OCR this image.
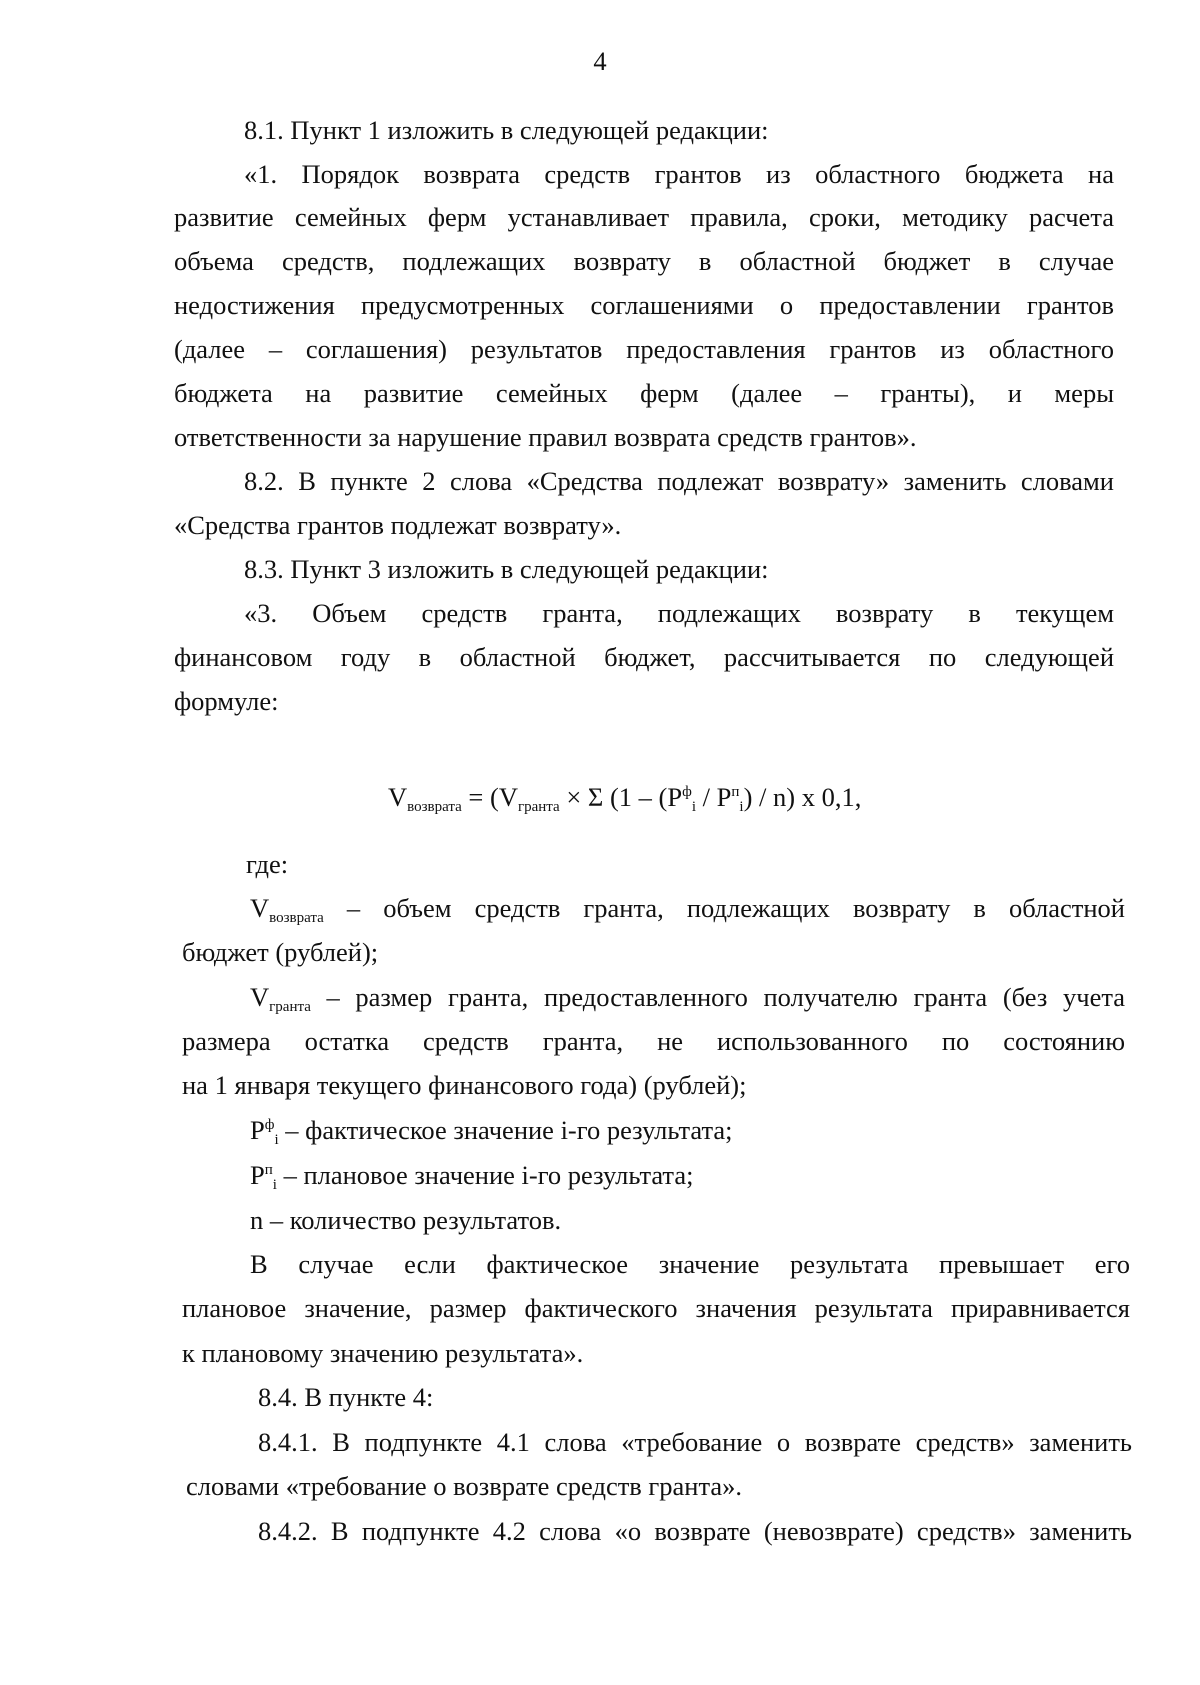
4

8.1. Пункт 1 изложить в следующей редакции:

«1. Порядок возврата средств грантов из областного бюджета на

развитие семейных ферм устанавливает правила, сроки, методику расчета

объема средств, подлежащих возврату в областной бюджет в случае

недостижения предусмотренных соглашениями о предоставлении грантов

(далее – соглашения) результатов предоставления грантов из областного

бюджета на развитие семейных ферм (далее – гранты), и меры

ответственности за нарушение правил возврата средств грантов».

8.2. В пункте 2 слова «Средства подлежат возврату» заменить словами

«Средства грантов подлежат возврату».

8.3. Пункт 3 изложить в следующей редакции:

«3. Объем средств гранта, подлежащих возврату в текущем

финансовом году в областной бюджет, рассчитывается по следующей

формуле:

$V_{возврата} = (V_{гранта} \times \Sigma$ $(1 - (P^ф_i / P^п_i) / n)$ x 0,1,

где:

$V_{возврата}$ – объем средств гранта, подлежащих возврату в областной

бюджет (рублей);

$V_{гранта}$ – размер гранта, предоставленного получателю гранта (без учета

размера остатка средств гранта, не использованного по состоянию

на 1 января текущего финансового года) (рублей);

$P^ф_i$ – фактическое значение i-го результата;

$P^п_i$ – плановое значение i-го результата;

n – количество результатов.

В случае если фактическое значение результата превышает его

плановое значение, размер фактического значения результата приравнивается

к плановому значению результата».

8.4. В пункте 4:

8.4.1. В подпункте 4.1 слова «требование о возврате средств» заменить

словами «требование о возврате средств гранта».

8.4.2. В подпункте 4.2 слова «о возврате (невозврате) средств» заменить
